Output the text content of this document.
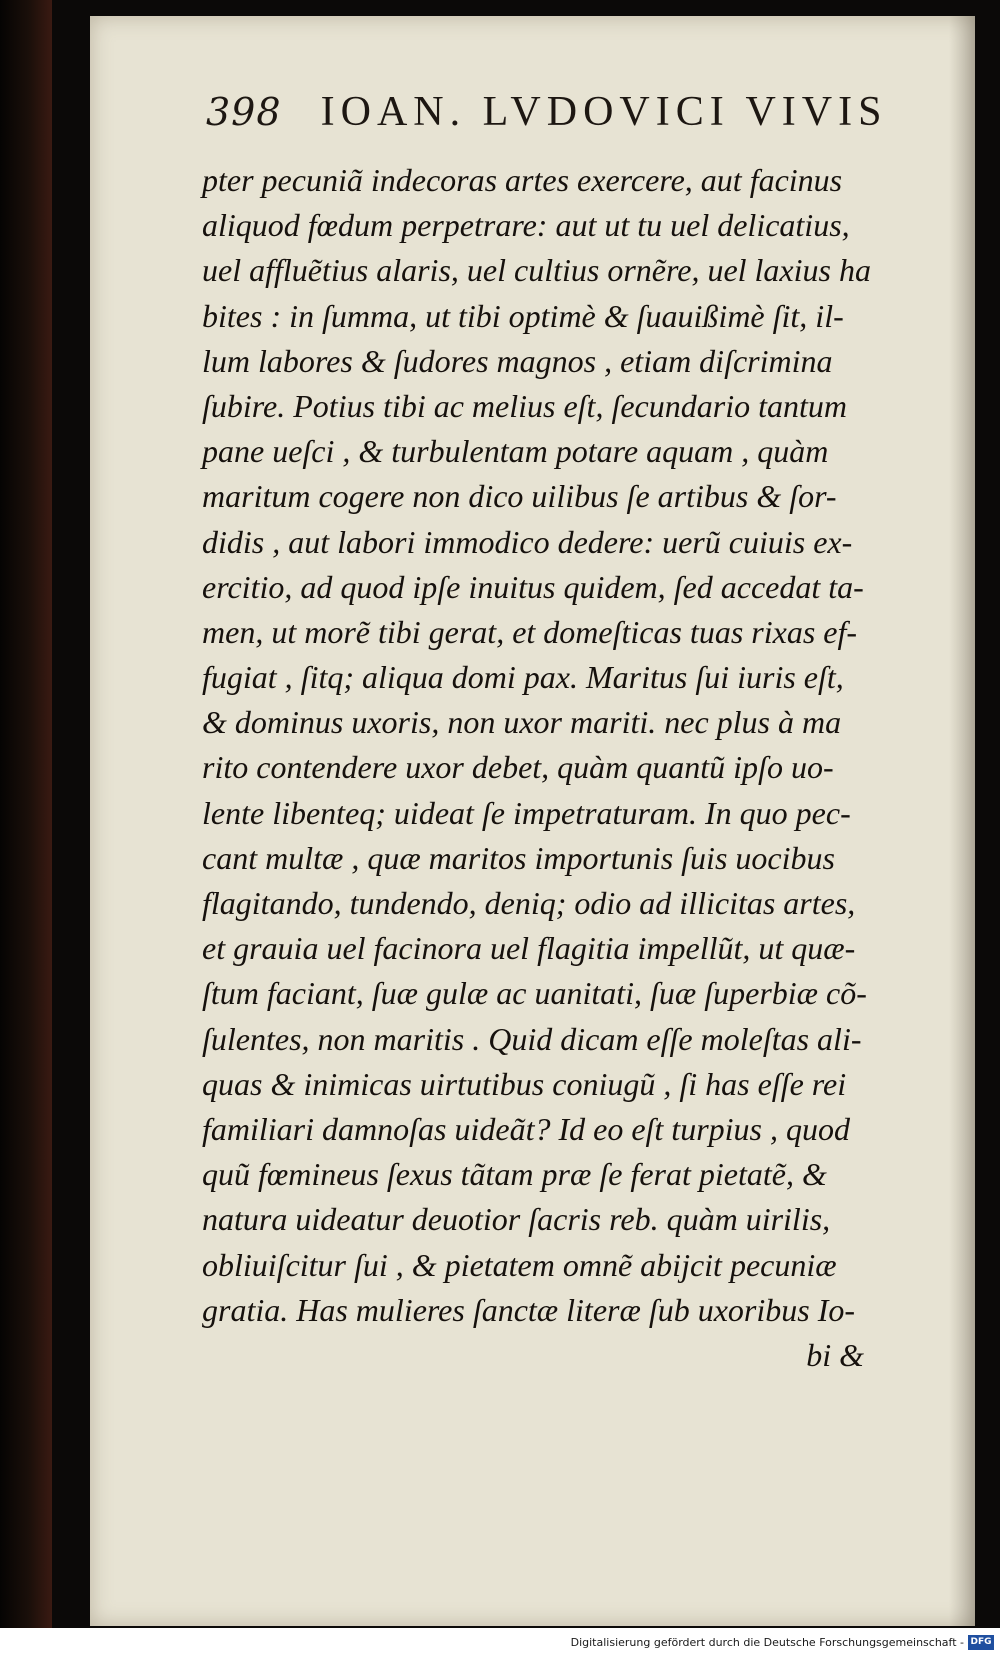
398 IOAN. LVDOVICI VIVIS
pter pecuniã indecoras artes exercere, aut facinus
aliquod fœdum perpetrare: aut ut tu uel delicatius,
uel affluẽtius alaris, uel cultius ornẽre, uel laxius ha
bites : in ſumma, ut tibi optimè & ſuauißimè ſit, il-
lum labores & ſudores magnos , etiam diſcrimina
ſubire. Potius tibi ac melius eſt, ſecundario tantum
pane ueſci , & turbulentam potare aquam , quàm
maritum cogere non dico uilibus ſe artibus & ſor-
didis , aut labori immodico dedere: uerũ cuiuis ex-
ercitio, ad quod ipſe inuitus quidem, ſed accedat ta-
men, ut morẽ tibi gerat, et domeſticas tuas rixas ef-
fugiat , ſitq; aliqua domi pax. Maritus ſui iuris eſt,
& dominus uxoris, non uxor mariti. nec plus à ma
rito contendere uxor debet, quàm quantũ ipſo uo-
lente libenteq; uideat ſe impetraturam. In quo pec-
cant multæ , quæ maritos importunis ſuis uocibus
flagitando, tundendo, deniq; odio ad illicitas artes,
et grauia uel facinora uel flagitia impellũt, ut quæ-
ſtum faciant, ſuæ gulæ ac uanitati, ſuæ ſuperbiæ cõ-
ſulentes, non maritis . Quid dicam eſſe moleſtas ali-
quas & inimicas uirtutibus coniugũ , ſi has eſſe rei
familiari damnoſas uideãt? Id eo eſt turpius , quod
quũ fœmineus ſexus tãtam præ ſe ferat pietatẽ, &
natura uideatur deuotior ſacris reb. quàm uirilis,
obliuiſcitur ſui , & pietatem omnẽ abijcit pecuniæ
gratia. Has mulieres ſanctæ literæ ſub uxoribus Io-
bi &
Digitalisierung gefördert durch die Deutsche Forschungsgemeinschaft - DFG
